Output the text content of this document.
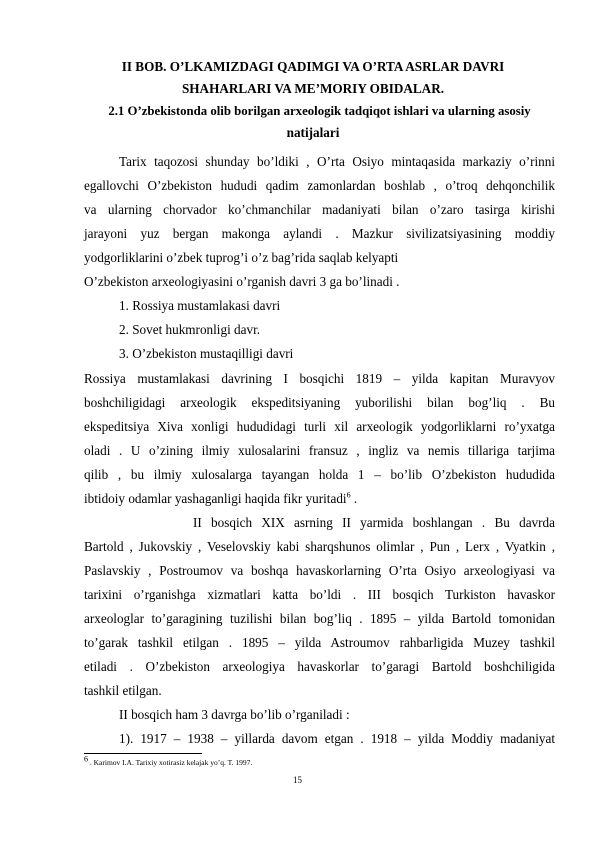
II BOB. O’LKAMIZDAGI QADIMGI VA O’RTA ASRLAR DAVRI
SHAHARLARI VA ME’MORIY OBIDALAR.
2.1 O’zbekistonda olib borilgan arxeologik tadqiqot ishlari va ularning asosiy
natijalari
Tarix taqozosi shunday bo’ldiki , O’rta Osiyo mintaqasida markaziy o’rinni
egallovchi O’zbekiston hududi qadim zamonlardan boshlab , o’troq dehqonchilik
va ularning chorvador ko’chmanchilar madaniyati bilan o’zaro tasirga kirishi
jarayoni yuz bergan makonga aylandi . Mazkur sivilizatsiyasining moddiy
yodgorliklarini o’zbek tuprog’i o’z bag’rida saqlab kelyapti
O’zbekiston arxeologiyasini o’rganish davri 3 ga bo’linadi .
1. Rossiya mustamlakasi davri
2. Sovet hukmronligi davr.
3. O’zbekiston mustaqilligi davri
Rossiya mustamlakasi davrining I bosqichi 1819 – yilda kapitan Muravyov
boshchiligidagi arxeologik ekspeditsiyaning yuborilishi bilan bog’liq . Bu
ekspeditsiya Xiva xonligi hududidagi turli xil arxeologik yodgorliklarni ro’yxatga
oladi . U o’zining ilmiy xulosalarini fransuz , ingliz va nemis tillariga tarjima
qilib , bu ilmiy xulosalarga tayangan holda 1 – bo’lib O’zbekiston hududida
ibtidoiy odamlar yashaganligi haqida fikr yuritadi$^6$ .
II bosqich XIX asrning II yarmida boshlangan . Bu davrda
Bartold , Jukovskiy , Veselovskiy kabi sharqshunos olimlar , Pun , Lerx , Vyatkin ,
Paslavskiy , Postroumov va boshqa havaskorlarning O’rta Osiyo arxeologiyasi va
tarixini o’rganishga xizmatlari katta bo’ldi . III bosqich Turkiston havaskor
arxeologlar to’garagining tuzilishi bilan bog’liq . 1895 – yilda Bartold tomonidan
to’garak tashkil etilgan . 1895 – yilda Astroumov rahbarligida Muzey tashkil
etiladi . O’zbekiston arxeologiya havaskorlar to’garagi Bartold boshchiligida
tashkil etilgan.
II bosqich ham 3 davrga bo’lib o’rganiladi :
1). 1917 – 1938 – yillarda davom etgan . 1918 – yilda Moddiy madaniyat
$^6$ . Karimov I.A. Tarixiy xotirasiz kelajak yo’q. T. 1997.
15
